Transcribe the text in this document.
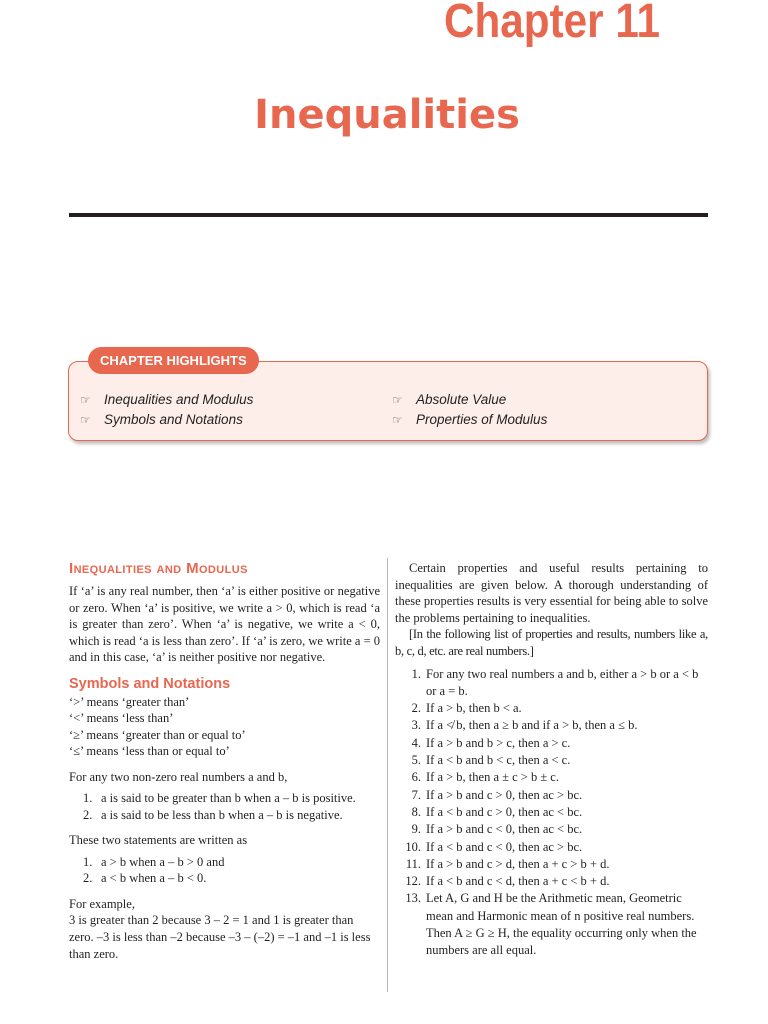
Chapter 11
Inequalities
CHAPTER HIGHLIGHTS
☞ Inequalities and Modulus
☞ Symbols and Notations
☞ Absolute Value
☞ Properties of Modulus
Inequalities and Modulus

If ‘a’ is any real number, then ‘a’ is either positive or negative or zero. When ‘a’ is positive, we write a > 0, which is read ‘a is greater than zero’. When ‘a’ is negative, we write a < 0, which is read ‘a is less than zero’. If ‘a’ is zero, we write a = 0 and in this case, ‘a’ is neither positive nor negative.

Symbols and Notations
‘>’ means ‘greater than’
‘<’ means ‘less than’
‘≥’ means ‘greater than or equal to’
‘≤’ means ‘less than or equal to’

For any two non-zero real numbers a and b,

1. a is said to be greater than b when a – b is positive.
2. a is said to be less than b when a – b is negative.

These two statements are written as

1. a > b when a – b > 0 and
2. a < b when a – b < 0.

For example,

3 is greater than 2 because 3 – 2 = 1 and 1 is greater than zero. –3 is less than –2 because –3 – (–2) = –1 and –1 is less than zero.

Certain properties and useful results pertaining to inequalities are given below. A thorough understanding of these properties results is very essential for being able to solve the problems pertaining to inequalities.

[In the following list of properties and results, numbers like a, b, c, d, etc. are real numbers.]

1. For any two real numbers a and b, either a > b or a < b or a = b.
2. If a > b, then b < a.
3. If a ≮ b, then a ≥ b and if a > b, then a ≤ b.
4. If a > b and b > c, then a > c.
5. If a < b and b < c, then a < c.
6. If a > b, then a ± c > b ± c.
7. If a > b and c > 0, then ac > bc.
8. If a < b and c > 0, then ac < bc.
9. If a > b and c < 0, then ac < bc.
10. If a < b and c < 0, then ac > bc.
11. If a > b and c > d, then a + c > b + d.
12. If a < b and c < d, then a + c < b + d.
13. Let A, G and H be the Arithmetic mean, Geometric mean and Harmonic mean of n positive real numbers. Then A ≥ G ≥ H, the equality occurring only when the numbers are all equal.
